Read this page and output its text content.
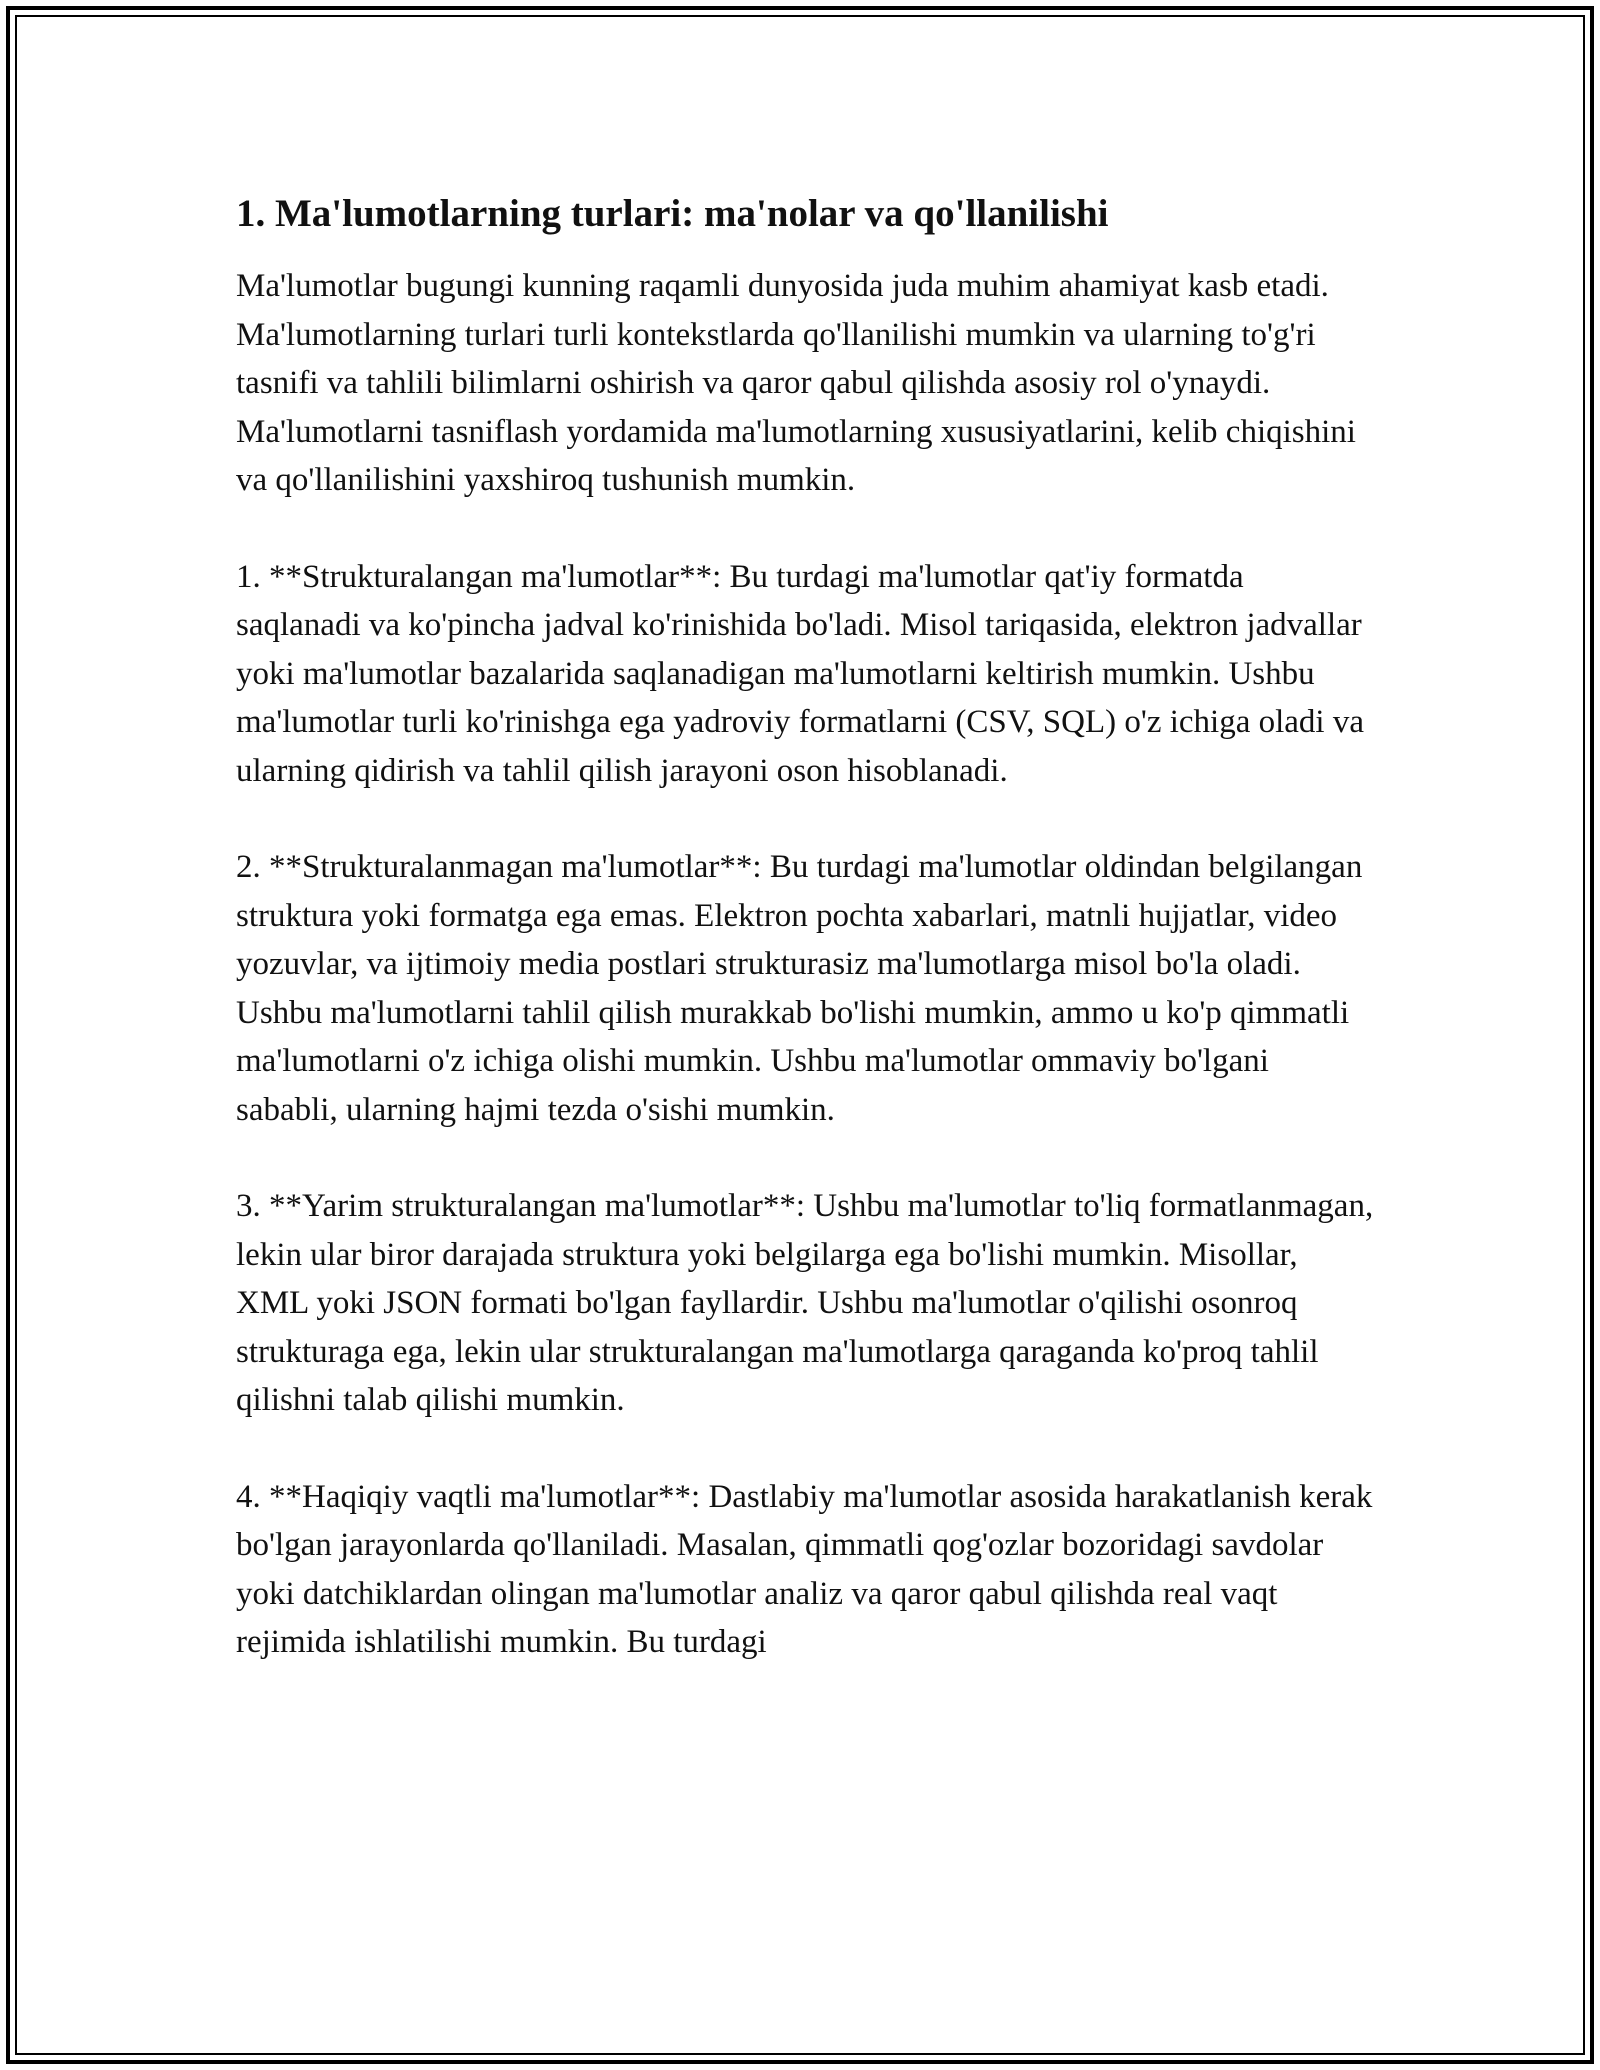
1. Ma'lumotlarning turlari: ma'nolar va qo'llanilishi

Ma'lumotlar bugungi kunning raqamli dunyosida juda muhim ahamiyat kasb etadi. Ma'lumotlarning turlari turli kontekstlarda qo'llanilishi mumkin va ularning to'g'ri tasnifi va tahlili bilimlarni oshirish va qaror qabul qilishda asosiy rol o'ynaydi. Ma'lumotlarni tasniflash yordamida ma'lumotlarning xususiyatlarini, kelib chiqishini va qo'llanilishini yaxshiroq tushunish mumkin.

1. **Strukturalangan ma'lumotlar**: Bu turdagi ma'lumotlar qat'iy formatda saqlanadi va ko'pincha jadval ko'rinishida bo'ladi. Misol tariqasida, elektron jadvallar yoki ma'lumotlar bazalarida saqlanadigan ma'lumotlarni keltirish mumkin. Ushbu ma'lumotlar turli ko'rinishga ega yadroviy formatlarni (CSV, SQL) o'z ichiga oladi va ularning qidirish va tahlil qilish jarayoni oson hisoblanadi.

2. **Strukturalanmagan ma'lumotlar**: Bu turdagi ma'lumotlar oldindan belgilangan struktura yoki formatga ega emas. Elektron pochta xabarlari, matnli hujjatlar, video yozuvlar, va ijtimoiy media postlari strukturasiz ma'lumotlarga misol bo'la oladi. Ushbu ma'lumotlarni tahlil qilish murakkab bo'lishi mumkin, ammo u ko'p qimmatli ma'lumotlarni o'z ichiga olishi mumkin. Ushbu ma'lumotlar ommaviy bo'lgani sababli, ularning hajmi tezda o'sishi mumkin.

3. **Yarim strukturalangan ma'lumotlar**: Ushbu ma'lumotlar to'liq formatlanmagan, lekin ular biror darajada struktura yoki belgilarga ega bo'lishi mumkin. Misollar, XML yoki JSON formati bo'lgan fayllardir. Ushbu ma'lumotlar o'qilishi osonroq strukturaga ega, lekin ular strukturalangan ma'lumotlarga qaraganda ko'proq tahlil qilishni talab qilishi mumkin.

4. **Haqiqiy vaqtli ma'lumotlar**: Dastlabiy ma'lumotlar asosida harakatlanish kerak bo'lgan jarayonlarda qo'llaniladi. Masalan, qimmatli qog'ozlar bozoridagi savdolar yoki datchiklardan olingan ma'lumotlar analiz va qaror qabul qilishda real vaqt rejimida ishlatilishi mumkin. Bu turdagi
